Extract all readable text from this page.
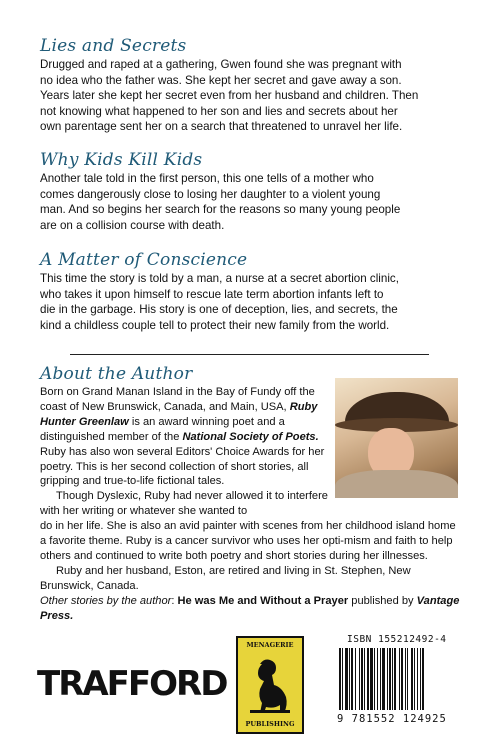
Lies and Secrets
Drugged and raped at a gathering, Gwen found she was pregnant with
no idea who the father was. She kept her secret and gave away a son.
Years later she kept her secret even from her husband and children. Then
not knowing what happened to her son and lies and secrets about her
own parentage sent her on a search that threatened to unravel her life.
Why Kids Kill Kids
Another tale told in the first person, this one tells of a mother who
comes dangerously close to losing her daughter to a violent young
man. And so begins her search for the reasons so many young people
are on a collision course with death.
A Matter of Conscience
This time the story is told by a man, a nurse at a secret abortion clinic,
who takes it upon himself to rescue late term abortion infants left to
die in the garbage. His story is one of deception, lies, and secrets, the
kind a childless couple tell to protect their new family from the world.
About the Author
Born on Grand Manan Island in the Bay of Fundy off the coast of New Brunswick, Canada, and Main, USA, Ruby Hunter Greenlaw is an award winning poet and a distinguished member of the National Society of Poets. Ruby has also won several Editors' Choice Awards for her poetry. This is her second collection of short stories, all gripping and true-to-life fictional tales.
Though Dyslexic, Ruby had never allowed it to interfere with her writing or whatever she wanted to
do in her life. She is also an avid painter with scenes from her childhood island home a favorite theme. Ruby is a cancer survivor who uses her opti-mism and faith to help others and continued to write both poetry and short stories during her illnesses.
Ruby and her husband, Eston, are retired and living in St. Stephen, New Brunswick, Canada.
Other stories by the author: He was Me and Without a Prayer published by Vantage Press.
TRAFFORD
MENAGERIE
PUBLISHING
ISBN 155212492-4
9 781552 124925
